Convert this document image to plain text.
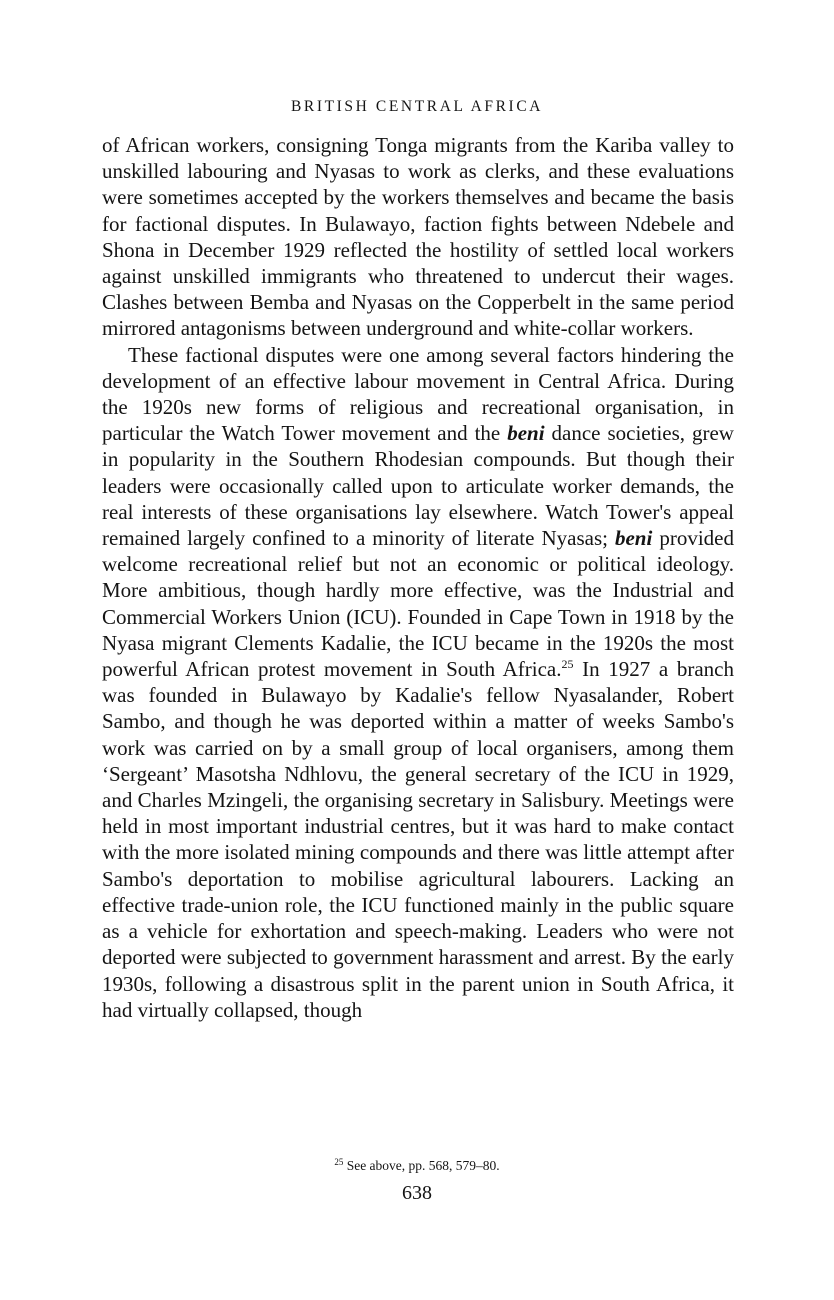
BRITISH CENTRAL AFRICA

of African workers, consigning Tonga migrants from the Kariba valley to unskilled labouring and Nyasas to work as clerks, and these evaluations were sometimes accepted by the workers themselves and became the basis for factional disputes. In Bulawayo, faction fights between Ndebele and Shona in December 1929 reflected the hostility of settled local workers against unskilled immigrants who threatened to undercut their wages. Clashes between Bemba and Nyasas on the Copperbelt in the same period mirrored antagonisms between underground and white-collar workers.

These factional disputes were one among several factors hindering the development of an effective labour movement in Central Africa. During the 1920s new forms of religious and recreational organisation, in particular the Watch Tower movement and the beni dance societies, grew in popularity in the Southern Rhodesian compounds. But though their leaders were occasionally called upon to articulate worker demands, the real interests of these organisations lay elsewhere. Watch Tower's appeal remained largely confined to a minority of literate Nyasas; beni provided welcome recreational relief but not an economic or political ideology. More ambitious, though hardly more effective, was the Industrial and Commercial Workers Union (ICU). Founded in Cape Town in 1918 by the Nyasa migrant Clements Kadalie, the ICU became in the 1920s the most powerful African protest movement in South Africa.$^{25}$ In 1927 a branch was founded in Bulawayo by Kadalie's fellow Nyasalander, Robert Sambo, and though he was deported within a matter of weeks Sambo's work was carried on by a small group of local organisers, among them ‘Sergeant’ Masotsha Ndhlovu, the general secretary of the ICU in 1929, and Charles Mzingeli, the organising secretary in Salisbury. Meetings were held in most important industrial centres, but it was hard to make contact with the more isolated mining compounds and there was little attempt after Sambo's deportation to mobilise agricultural labourers. Lacking an effective trade-union role, the ICU functioned mainly in the public square as a vehicle for exhortation and speech-making. Leaders who were not deported were subjected to government harassment and arrest. By the early 1930s, following a disastrous split in the parent union in South Africa, it had virtually collapsed, though

$^{25}$ See above, pp. 568, 579–80.
638
